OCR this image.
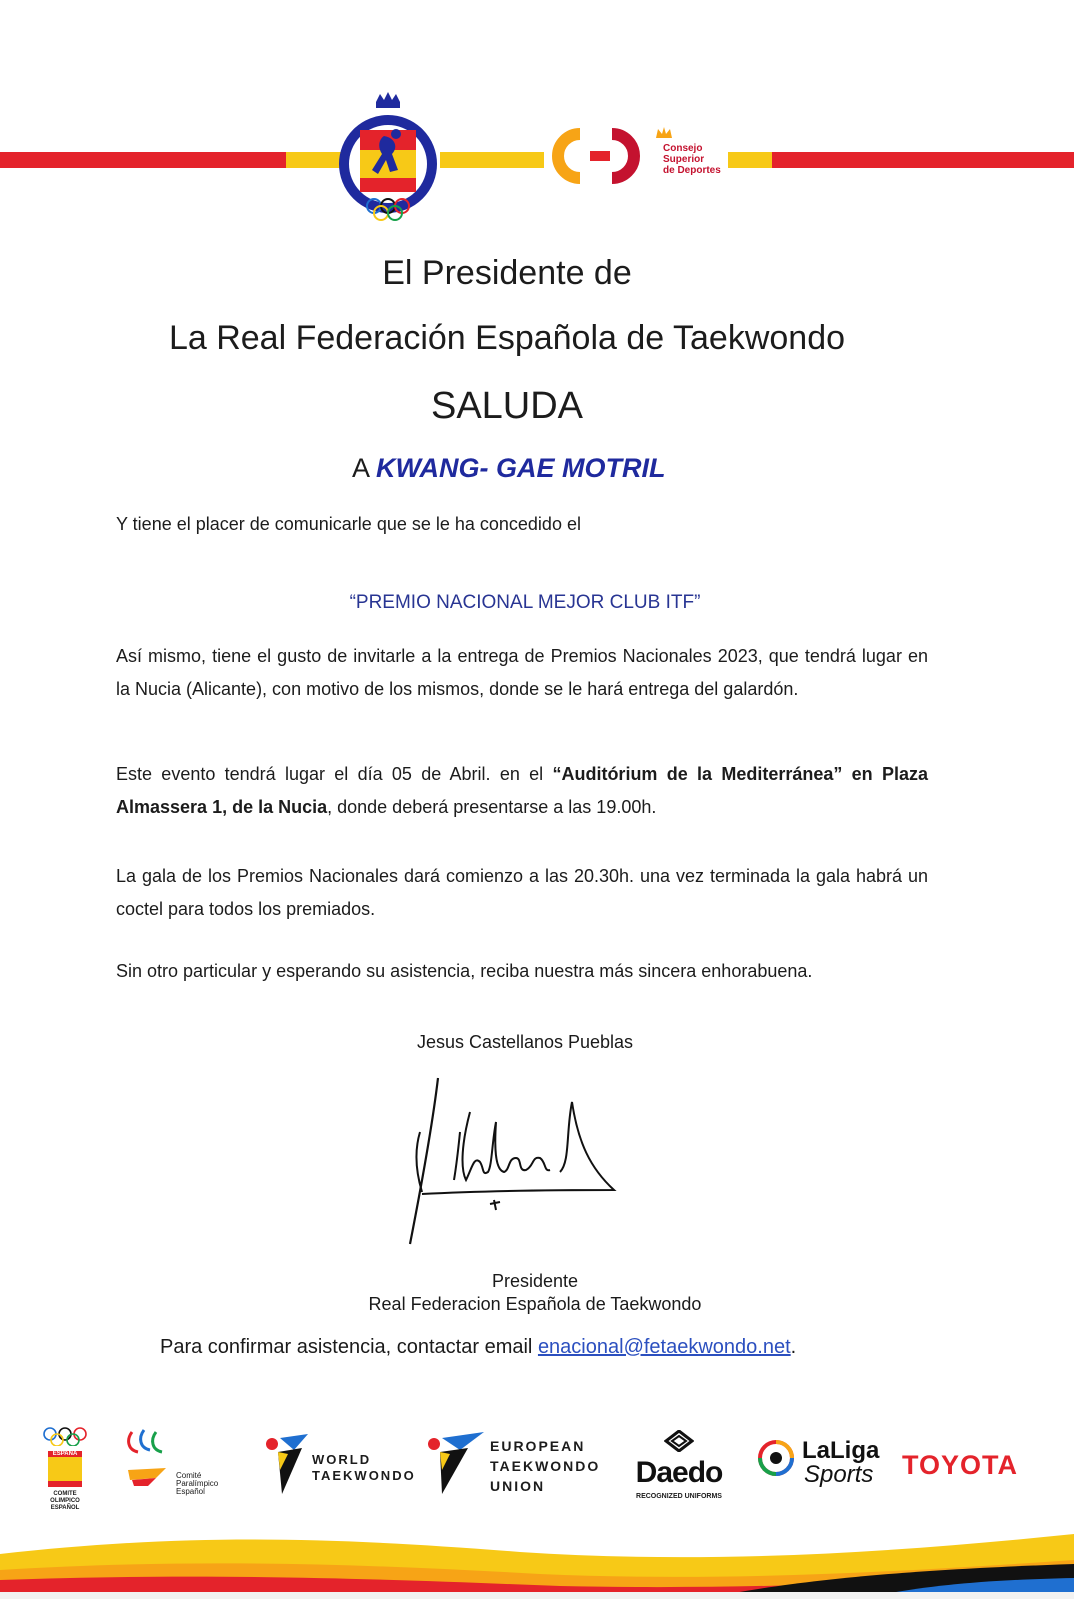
Consejo
Superior
de Deportes
El Presidente de
La Real Federación Española de Taekwondo
SALUDA
A KWANG- GAE MOTRIL
Y tiene el placer de comunicarle que se le ha concedido el
“PREMIO NACIONAL MEJOR CLUB ITF”
Así mismo, tiene el gusto de invitarle a la entrega de Premios Nacionales 2023, que tendrá lugar en la Nucia (Alicante), con motivo de los mismos, donde se le hará entrega del galardón.
Este evento tendrá lugar el día 05 de Abril. en el “Auditórium de la Mediterránea” en Plaza Almassera 1, de la Nucia, donde deberá presentarse a las 19.00h.
La gala de los Premios Nacionales dará comienzo a las 20.30h. una vez terminada la gala habrá un coctel para todos los premiados.
Sin otro particular y esperando su asistencia, reciba nuestra más sincera enhorabuena.
Jesus Castellanos Pueblas
Presidente
Real Federacion Española de Taekwondo
Para confirmar asistencia, contactar email enacional@fetaekwondo.net.
ESPAÑA
COMITE OLIMPICO ESPAÑOL
Comité
Paralímpico
Español
WORLD
TAEKWONDO
EUROPEAN
TAEKWONDO
UNION	Daedo
RECOGNIZED UNIFORMS
LaLiga
Sports TOYOTA
